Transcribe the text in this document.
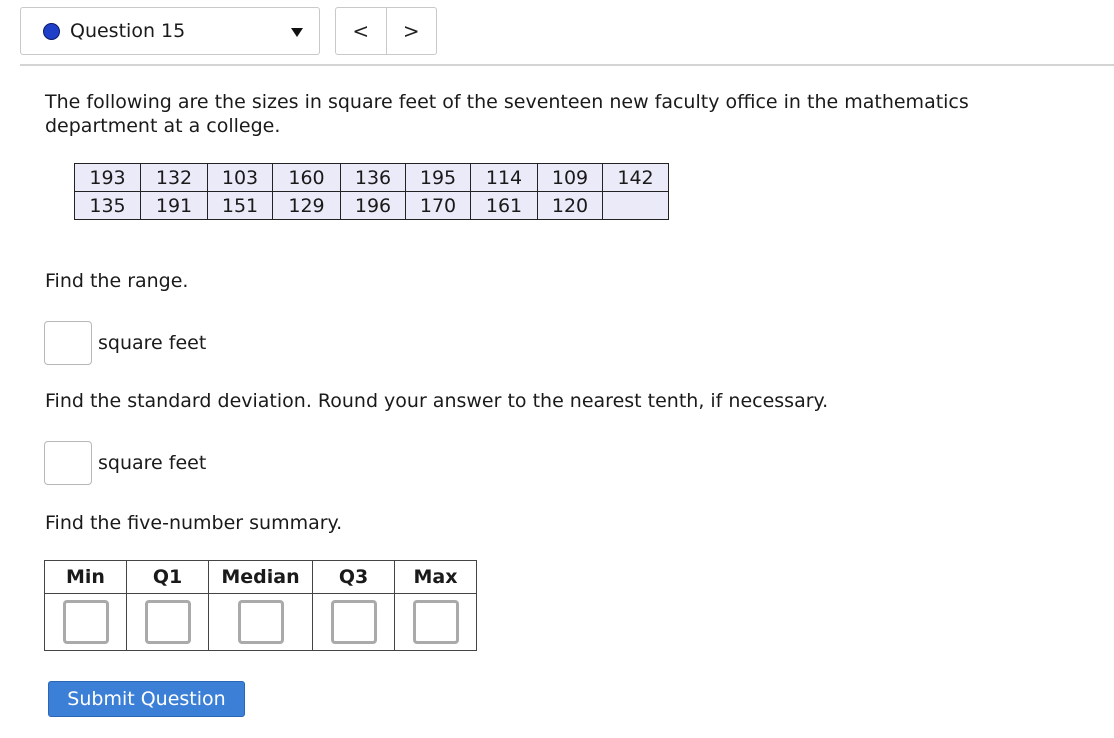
Question 15	< >

The following are the sizes in square feet of the seventeen new faculty office in the mathematics department at a college.

193	132	103	160	136	195	114	109	142
135	191	151	129	196	170	161	120	

Find the range.

square feet

Find the standard deviation. Round your answer to the nearest tenth, if necessary.

square feet

Find the five-number summary.

Min	Q1	Median	Q3	Max

Submit Question
